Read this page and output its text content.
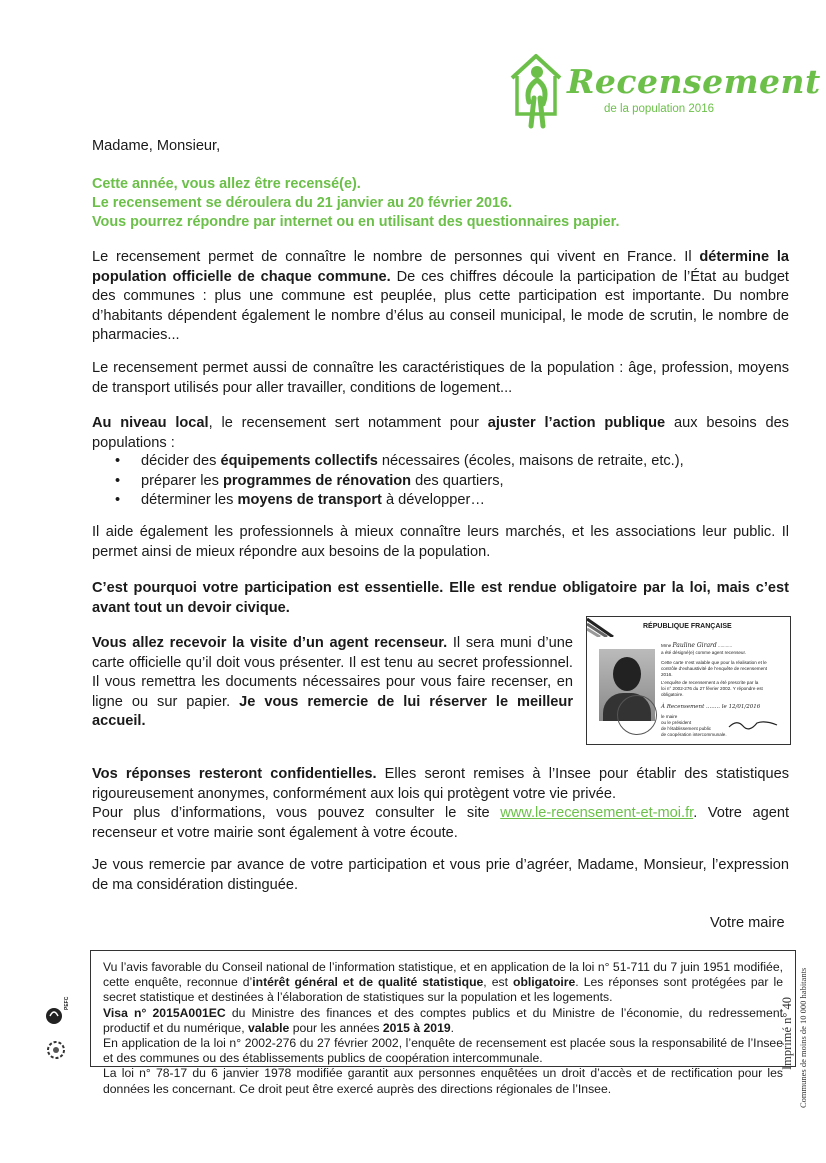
Recensement
de la population 2016
Madame, Monsieur,
Cette année, vous allez être recensé(e).
Le recensement se déroulera du 21 janvier au 20 février 2016.
Vous pourrez répondre par internet ou en utilisant des questionnaires papier.
Le recensement permet de connaître le nombre de personnes qui vivent en France. Il détermine la population officielle de chaque commune. De ces chiffres découle la participation de l’État au budget des communes : plus une commune est peuplée, plus cette participation est importante. Du nombre d’habitants dépendent également le nombre d’élus au conseil municipal, le mode de scrutin, le nombre de pharmacies...
Le recensement permet aussi de connaître les caractéristiques de la population : âge, profession, moyens de transport utilisés pour aller travailler, conditions de logement...
Au niveau local, le recensement sert notamment pour ajuster l’action publique aux besoins des populations :
• décider des équipements collectifs nécessaires (écoles, maisons de retraite, etc.),
• préparer les programmes de rénovation des quartiers,
• déterminer les moyens de transport à développer…
Il aide également les professionnels à mieux connaître leurs marchés, et les associations leur public. Il permet ainsi de mieux répondre aux besoins de la population.
C’est pourquoi votre participation est essentielle. Elle est rendue obligatoire par la loi, mais c’est avant tout un devoir civique.
Vous allez recevoir la visite d’un agent recenseur. Il sera muni d’une carte officielle qu’il doit vous présenter. Il est tenu au secret professionnel. Il vous remettra les documents nécessaires pour vous faire recenser, en ligne ou sur papier. Je vous remercie de lui réserver le meilleur accueil.
RÉPUBLIQUE FRANÇAISE
Mme Pauline Girard ...........
a été désigné(e) comme agent recenseur.
Cette carte n’est valable que pour la réalisation et le
contrôle d’exhaustivité de l’enquête de recensement
2016.
L’enquête de recensement a été prescrite par la
loi n° 2002-276 du 27 février 2002. Y répondre est
obligatoire.
À Recensement ........ le 12/01/2016
le maire
ou le président
de l’établissement public
de coopération intercommunale.
Vos réponses resteront confidentielles. Elles seront remises à l’Insee pour établir des statistiques rigoureusement anonymes, conformément aux lois qui protègent votre vie privée.
Pour plus d’informations, vous pouvez consulter le site www.le-recensement-et-moi.fr. Votre agent recenseur et votre mairie sont également à votre écoute.
Je vous remercie par avance de votre participation et vous prie d’agréer, Madame, Monsieur, l’expression de ma considération distinguée.
Votre maire

Vu l’avis favorable du Conseil national de l’information statistique, et en application de la loi n° 51-711 du 7 juin 1951 modifiée, cette enquête, reconnue d’intérêt général et de qualité statistique, est obligatoire. Les réponses sont protégées par le secret statistique et destinées à l’élaboration de statistiques sur la population et les logements.

Visa n° 2015A001EC du Ministre des finances et des comptes publics et du Ministre de l’économie, du redressement productif et du numérique, valable pour les années 2015 à 2019.

En application de la loi n° 2002-276 du 27 février 2002, l’enquête de recensement est placée sous la responsabilité de l’Insee et des communes ou des établissements publics de coopération intercommunale.

La loi n° 78-17 du 6 janvier 1978 modifiée garantit aux personnes enquêtées un droit d’accès et de rectification pour les données les concernant. Ce droit peut être exercé auprès des directions régionales de l’Insee.

PEFC	Imprimé n° 40 Communes de moins de 10 000 habitants
